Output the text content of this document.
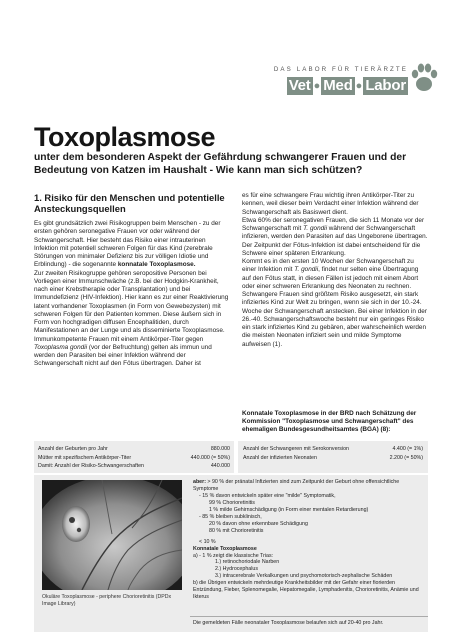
DAS LABOR FÜR TIERÄRZTE
Vet ● Med ● Labor
Toxoplasmose
unter dem besonderen Aspekt der Gefährdung schwangerer Frauen und der Bedeutung von Katzen im Haushalt - Wie kann man sich schützen?
1. Risiko für den Menschen und potentielle Ansteckungsquellen

Es gibt grundsätzlich zwei Risikogruppen beim Menschen - zu der ersten gehören seronegative Frauen vor oder während der Schwangerschaft. Hier besteht das Risiko einer intrauterinen Infektion mit potentiell schweren Folgen für das Kind (zerebrale Störungen von minimaler Defizienz bis zur völligen Idiotie und Erblindung) - die sogenannte konnatale Toxoplasmose.

Zur zweiten Risikogruppe gehören seropositive Personen bei Vorliegen einer Immunschwäche (z.B. bei der Hodgkin-Krankheit, nach einer Krebstherapie oder Transplantation) und bei Immundefizienz (HIV-Infektion). Hier kann es zur einer Reaktivierung latent vorhandener Toxoplasmen (in Form von Gewebezysten) mit schweren Folgen für den Patienten kommen. Diese äußern sich in Form von hochgradigen diffusen Encephalitiden, durch Manifestationen an der Lunge und als disseminierte Toxoplasmose.

Immunkompetente Frauen mit einem Antikörper-Titer gegen Toxoplasma gondii (vor der Befruchtung) gelten als immun und werden den Parasiten bei einer Infektion während der Schwangerschaft nicht auf den Fötus übertragen. Daher ist

es für eine schwangere Frau wichtig ihren Antikörper-Titer zu kennen, weil dieser beim Verdacht einer Infektion während der Schwangerschaft als Basiswert dient.

Etwa 60% der seronegativen Frauen, die sich 11 Monate vor der Schwangerschaft mit T. gondii während der Schwangerschaft infizieren, werden den Parasiten auf das Ungeborene übertragen. Der Zeitpunkt der Fötus-Infektion ist dabei entscheidend für die Schwere einer späteren Erkrankung.

Kommt es in den ersten 10 Wochen der Schwangerschaft zu einer Infektion mit T. gondii, findet nur selten eine Übertragung auf den Fötus statt, in diesen Fällen ist jedoch mit einem Abort oder einer schweren Erkrankung des Neonaten zu rechnen. Schwangere Frauen sind größtem Risiko ausgesetzt, ein stark infiziertes Kind zur Welt zu bringen, wenn sie sich in der 10.-24. Woche der Schwangerschaft anstecken. Bei einer Infektion in der 26.-40. Schwangerschaftswoche besteht nur ein geringes Risiko ein stark infiziertes Kind zu gebären, aber wahrscheinlich werden die meisten Neonaten infiziert sein und milde Symptome aufweisen (1).

Konnatale Toxoplasmose in der BRD nach Schätzung der Kommission "Toxoplasmose und Schwangerschaft" des ehemaligen Bundesgesundheitsamtes (BGA) (8):
Anzahl der Geburten pro Jahr	880.000
Mütter mit spezifischem Antikörper-Titer	440.000 (= 50%)
Damit: Anzahl der Risiko-Schwangerschaften	440.000
Anzahl der Schwangeren mit Serokonversion	4.400 (= 1%)
Anzahl der infizierten Neonaten	2.200 (= 50%)
Okuläre Toxoplasmose - periphere Chorioretinitis (DPDx Image Library)

aber: > 90 % der pränatal Infizierten sind zum Zeitpunkt der Geburt ohne offensichtliche Symptome

- 15 % davon entwickeln später eine "milde" Symptomatik,

99 % Chorioretinitis

1 % milde Gehirnschädigung (in Form einer mentalen Retardierung)

- 85 % bleiben subklinisch,

20 % davon ohne erkennbare Schädigung

80 % mit Chorioretinitis

< 10 %

Konnatale Toxoplasmose

a) - 1 % zeigt die klassische Trias:

1.) retinochoriodale Narben

2.) Hydrocephalus

3.) intracerebrale Verkalkungen und psychomotorisch-zephalische Schäden

b) die Übrigen entwickeln mehrdeutige Krankheitsbilder mit der Gefahr einer fiorierden Entzündung, Fieber, Splenomegalie, Hepatomegalie, Lymphadenitis, Chorioretinitis, Anämie und Ikterus

Die gemeldeten Fälle neonataler Toxoplasmose belaufen sich auf 20-40 pro Jahr.
